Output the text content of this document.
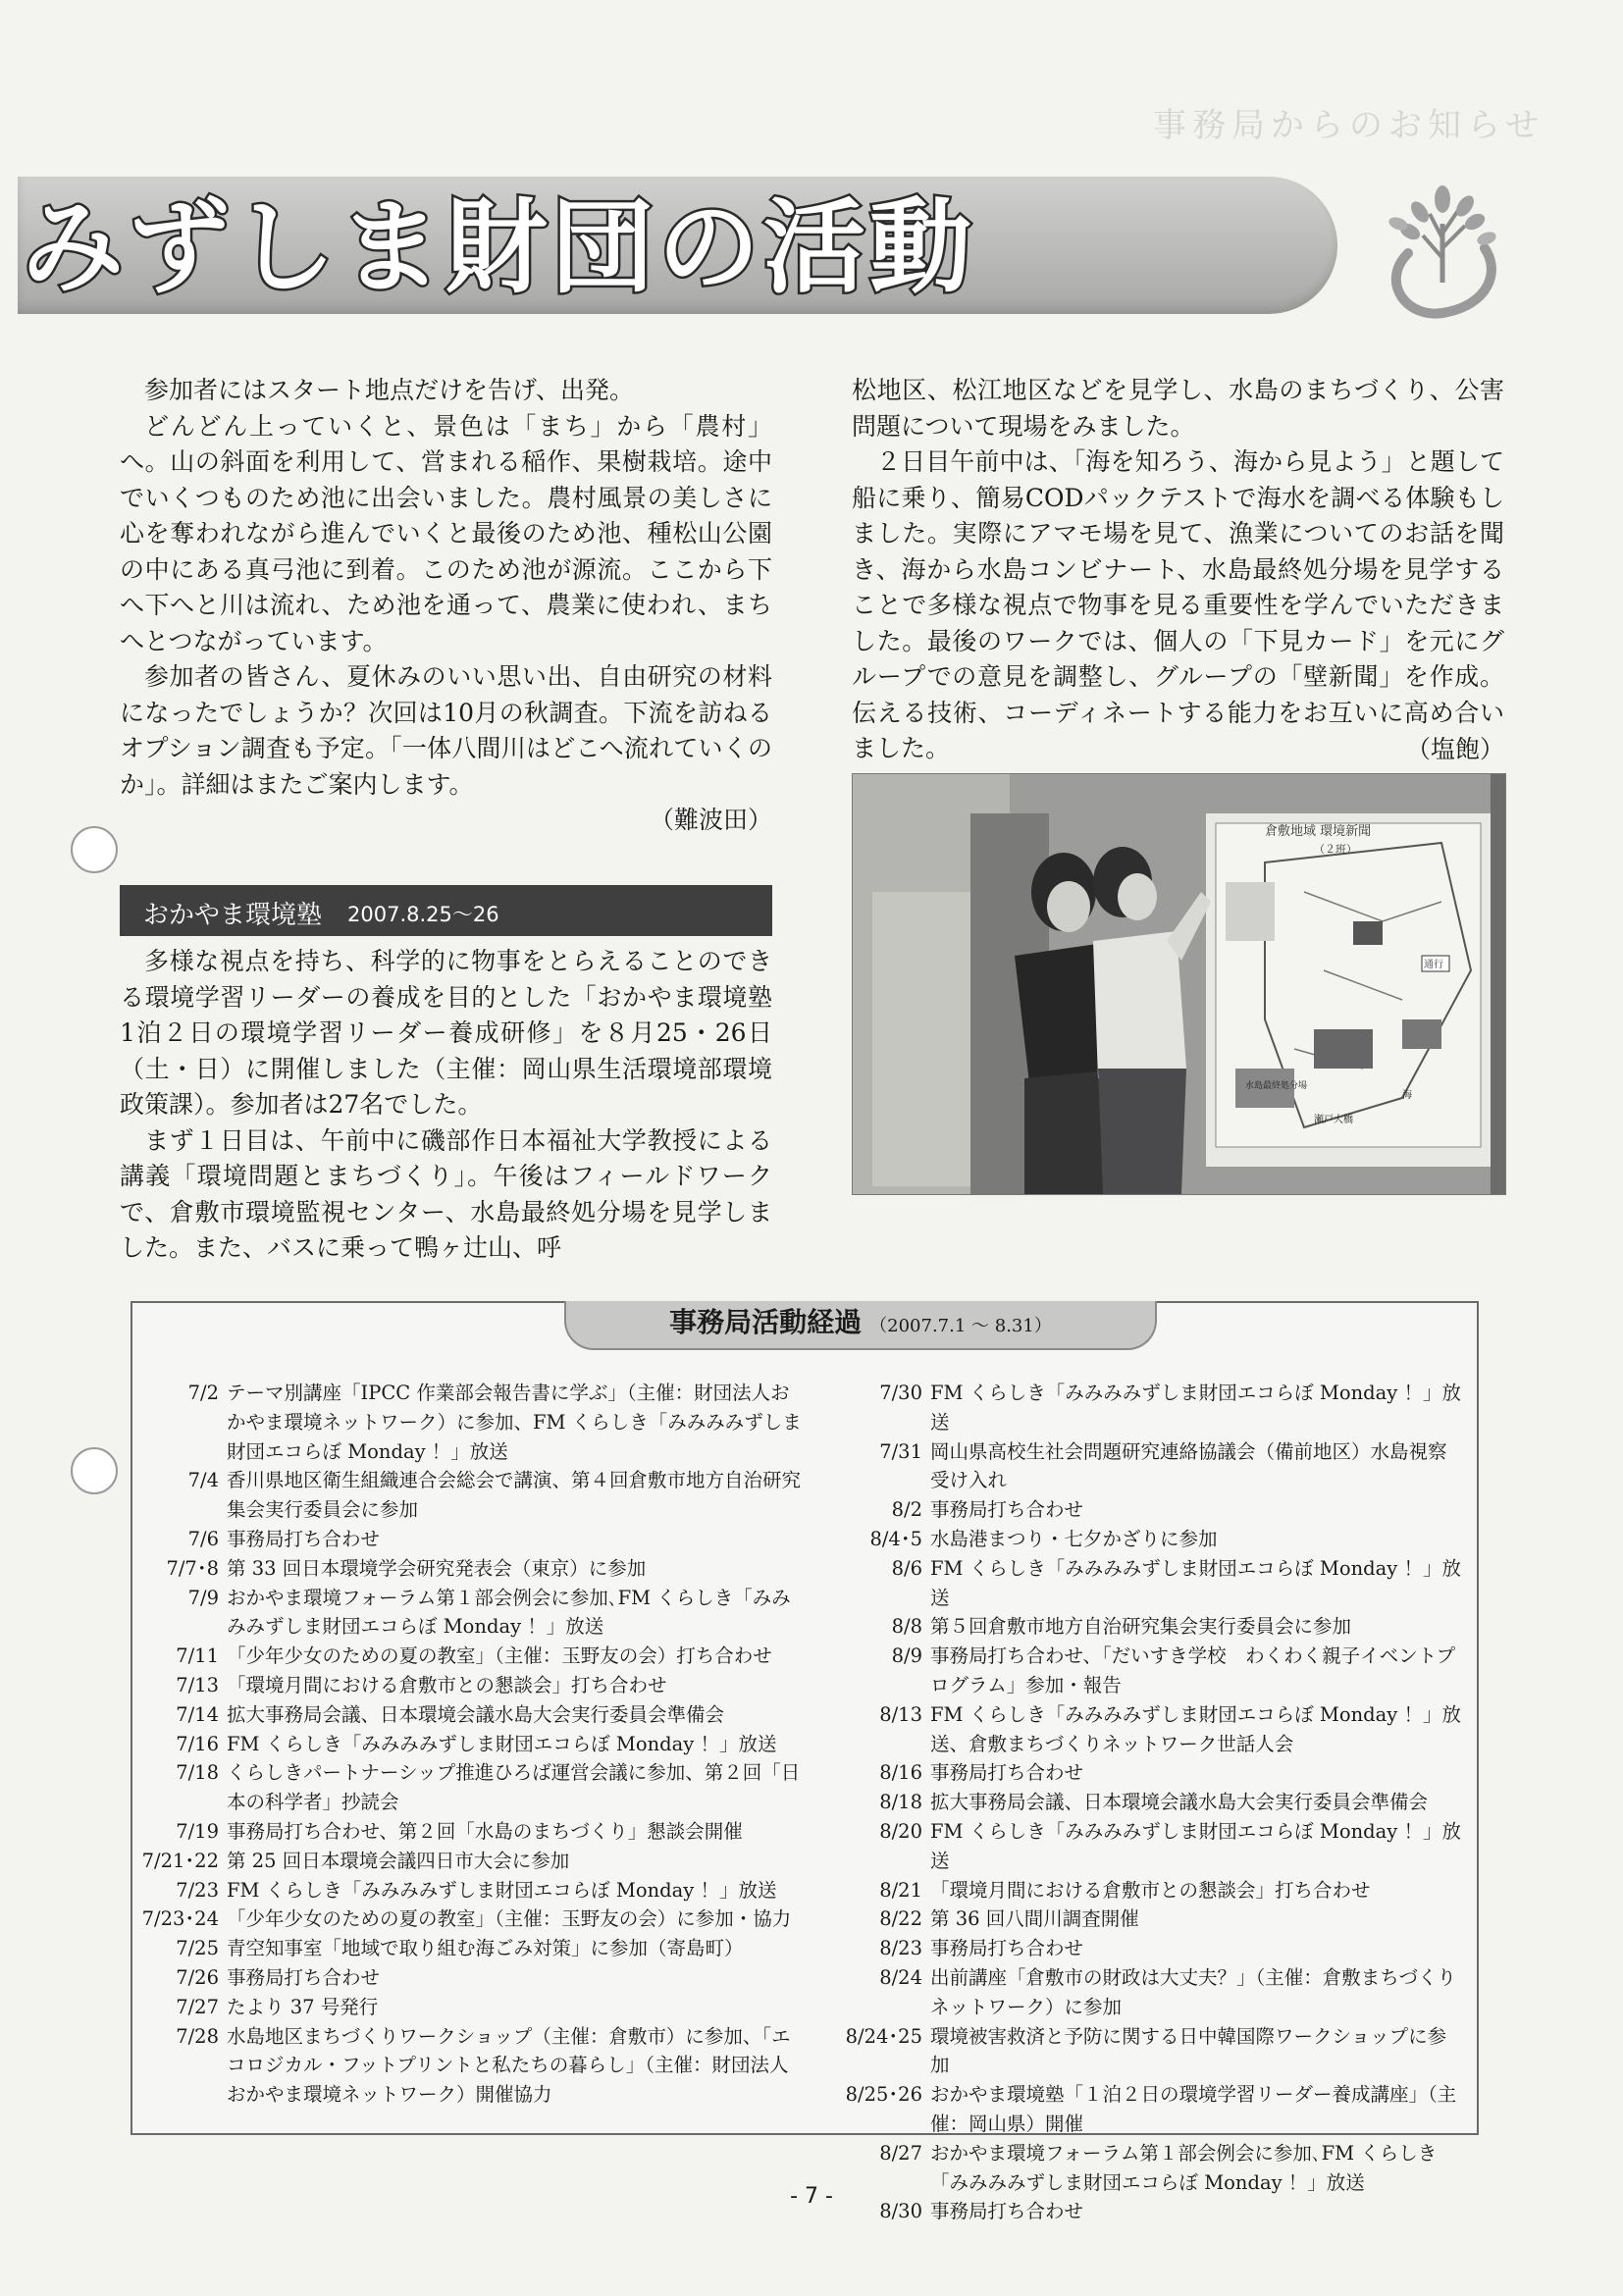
事務局からのお知らせ
みずしま財団の活動

参加者にはスタート地点だけを告げ、出発。

どんどん上っていくと、景色は「まち」から「農村」へ。山の斜面を利用して、営まれる稲作、果樹栽培。途中でいくつものため池に出会いました。農村風景の美しさに心を奪われながら進んでいくと最後のため池、種松山公園の中にある真弓池に到着。このため池が源流。ここから下へ下へと川は流れ、ため池を通って、農業に使われ、まちへとつながっています。

参加者の皆さん、夏休みのいい思い出、自由研究の材料になったでしょうか？次回は10月の秋調査。下流を訪ねるオプション調査も予定。「一体八間川はどこへ流れていくのか」。詳細はまたご案内します。

（難波田）

おかやま環境塾 2007.8.25～26

多様な視点を持ち、科学的に物事をとらえることのできる環境学習リーダーの養成を目的とした「おかやま環境塾　1泊２日の環境学習リーダー養成研修」を８月25・26日（土・日）に開催しました（主催：岡山県生活環境部環境政策課）。参加者は27名でした。

まず１日目は、午前中に磯部作日本福祉大学教授による講義「環境問題とまちづくり」。午後はフィールドワークで、倉敷市環境監視センター、水島最終処分場を見学しました。また、バスに乗って鴨ヶ辻山、呼

松地区、松江地区などを見学し、水島のまちづくり、公害問題について現場をみました。

２日目午前中は、「海を知ろう、海から見よう」と題して船に乗り、簡易CODパックテストで海水を調べる体験もしました。実際にアマモ場を見て、漁業についてのお話を聞き、海から水島コンビナート、水島最終処分場を見学することで多様な視点で物事を見る重要性を学んでいただきました。最後のワークでは、個人の「下見カード」を元にグループでの意見を調整し、グループの「壁新聞」を作成。伝える技術、コーディネートする能力をお互いに高め合いました。	（塩飽）

倉敷地域 環境新聞
（２班）
通行
水島最終処分場
瀬戸大橋
海
事務局活動経過 （2007.7.1 ～ 8.31）
7/2 テーマ別講座「IPCC 作業部会報告書に学ぶ」（主催：財団法人おかやま環境ネットワーク）に参加、FM くらしき「みみみみずしま財団エコらぼ Monday ！」放送
7/4 香川県地区衛生組織連合会総会で講演、第４回倉敷市地方自治研究集会実行委員会に参加
7/6 事務局打ち合わせ
7/7･8 第 33 回日本環境学会研究発表会（東京）に参加
7/9 おかやま環境フォーラム第１部会例会に参加､FM くらしき「みみみみずしま財団エコらぼ Monday ！」放送
7/11 「少年少女のための夏の教室」（主催：玉野友の会）打ち合わせ
7/13 「環境月間における倉敷市との懇談会」打ち合わせ
7/14 拡大事務局会議、日本環境会議水島大会実行委員会準備会
7/16 FM くらしき「みみみみずしま財団エコらぼ Monday ！」放送
7/18 くらしきパートナーシップ推進ひろば運営会議に参加、第２回「日本の科学者」抄読会
7/19 事務局打ち合わせ、第２回「水島のまちづくり」懇談会開催
7/21･22 第 25 回日本環境会議四日市大会に参加
7/23 FM くらしき「みみみみずしま財団エコらぼ Monday ！」放送
7/23･24 「少年少女のための夏の教室」（主催：玉野友の会）に参加・協力
7/25 青空知事室「地域で取り組む海ごみ対策」に参加（寄島町）
7/26 事務局打ち合わせ
7/27 たより 37 号発行
7/28 水島地区まちづくりワークショップ（主催：倉敷市）に参加、「エコロジカル・フットプリントと私たちの暮らし」（主催：財団法人おかやま環境ネットワーク）開催協力
7/30 FM くらしき「みみみみずしま財団エコらぼ Monday ！」放送
7/31 岡山県高校生社会問題研究連絡協議会（備前地区）水島視察受け入れ
8/2 事務局打ち合わせ
8/4･5 水島港まつり・七夕かざりに参加
8/6 FM くらしき「みみみみずしま財団エコらぼ Monday ！」放送
8/8 第５回倉敷市地方自治研究集会実行委員会に参加
8/9 事務局打ち合わせ、「だいすき学校　わくわく親子イベントプログラム」参加・報告
8/13 FM くらしき「みみみみずしま財団エコらぼ Monday ！」放送、倉敷まちづくりネットワーク世話人会
8/16 事務局打ち合わせ
8/18 拡大事務局会議、日本環境会議水島大会実行委員会準備会
8/20 FM くらしき「みみみみずしま財団エコらぼ Monday ！」放送
8/21 「環境月間における倉敷市との懇談会」打ち合わせ
8/22 第 36 回八間川調査開催
8/23 事務局打ち合わせ
8/24 出前講座「倉敷市の財政は大丈夫？」（主催：倉敷まちづくりネットワーク）に参加
8/24･25 環境被害救済と予防に関する日中韓国際ワークショップに参加
8/25･26 おかやま環境塾「１泊２日の環境学習リーダー養成講座」（主催：岡山県）開催
8/27 おかやま環境フォーラム第１部会例会に参加､FM くらしき「みみみみずしま財団エコらぼ Monday ！」放送
8/30 事務局打ち合わせ
- 7 -
